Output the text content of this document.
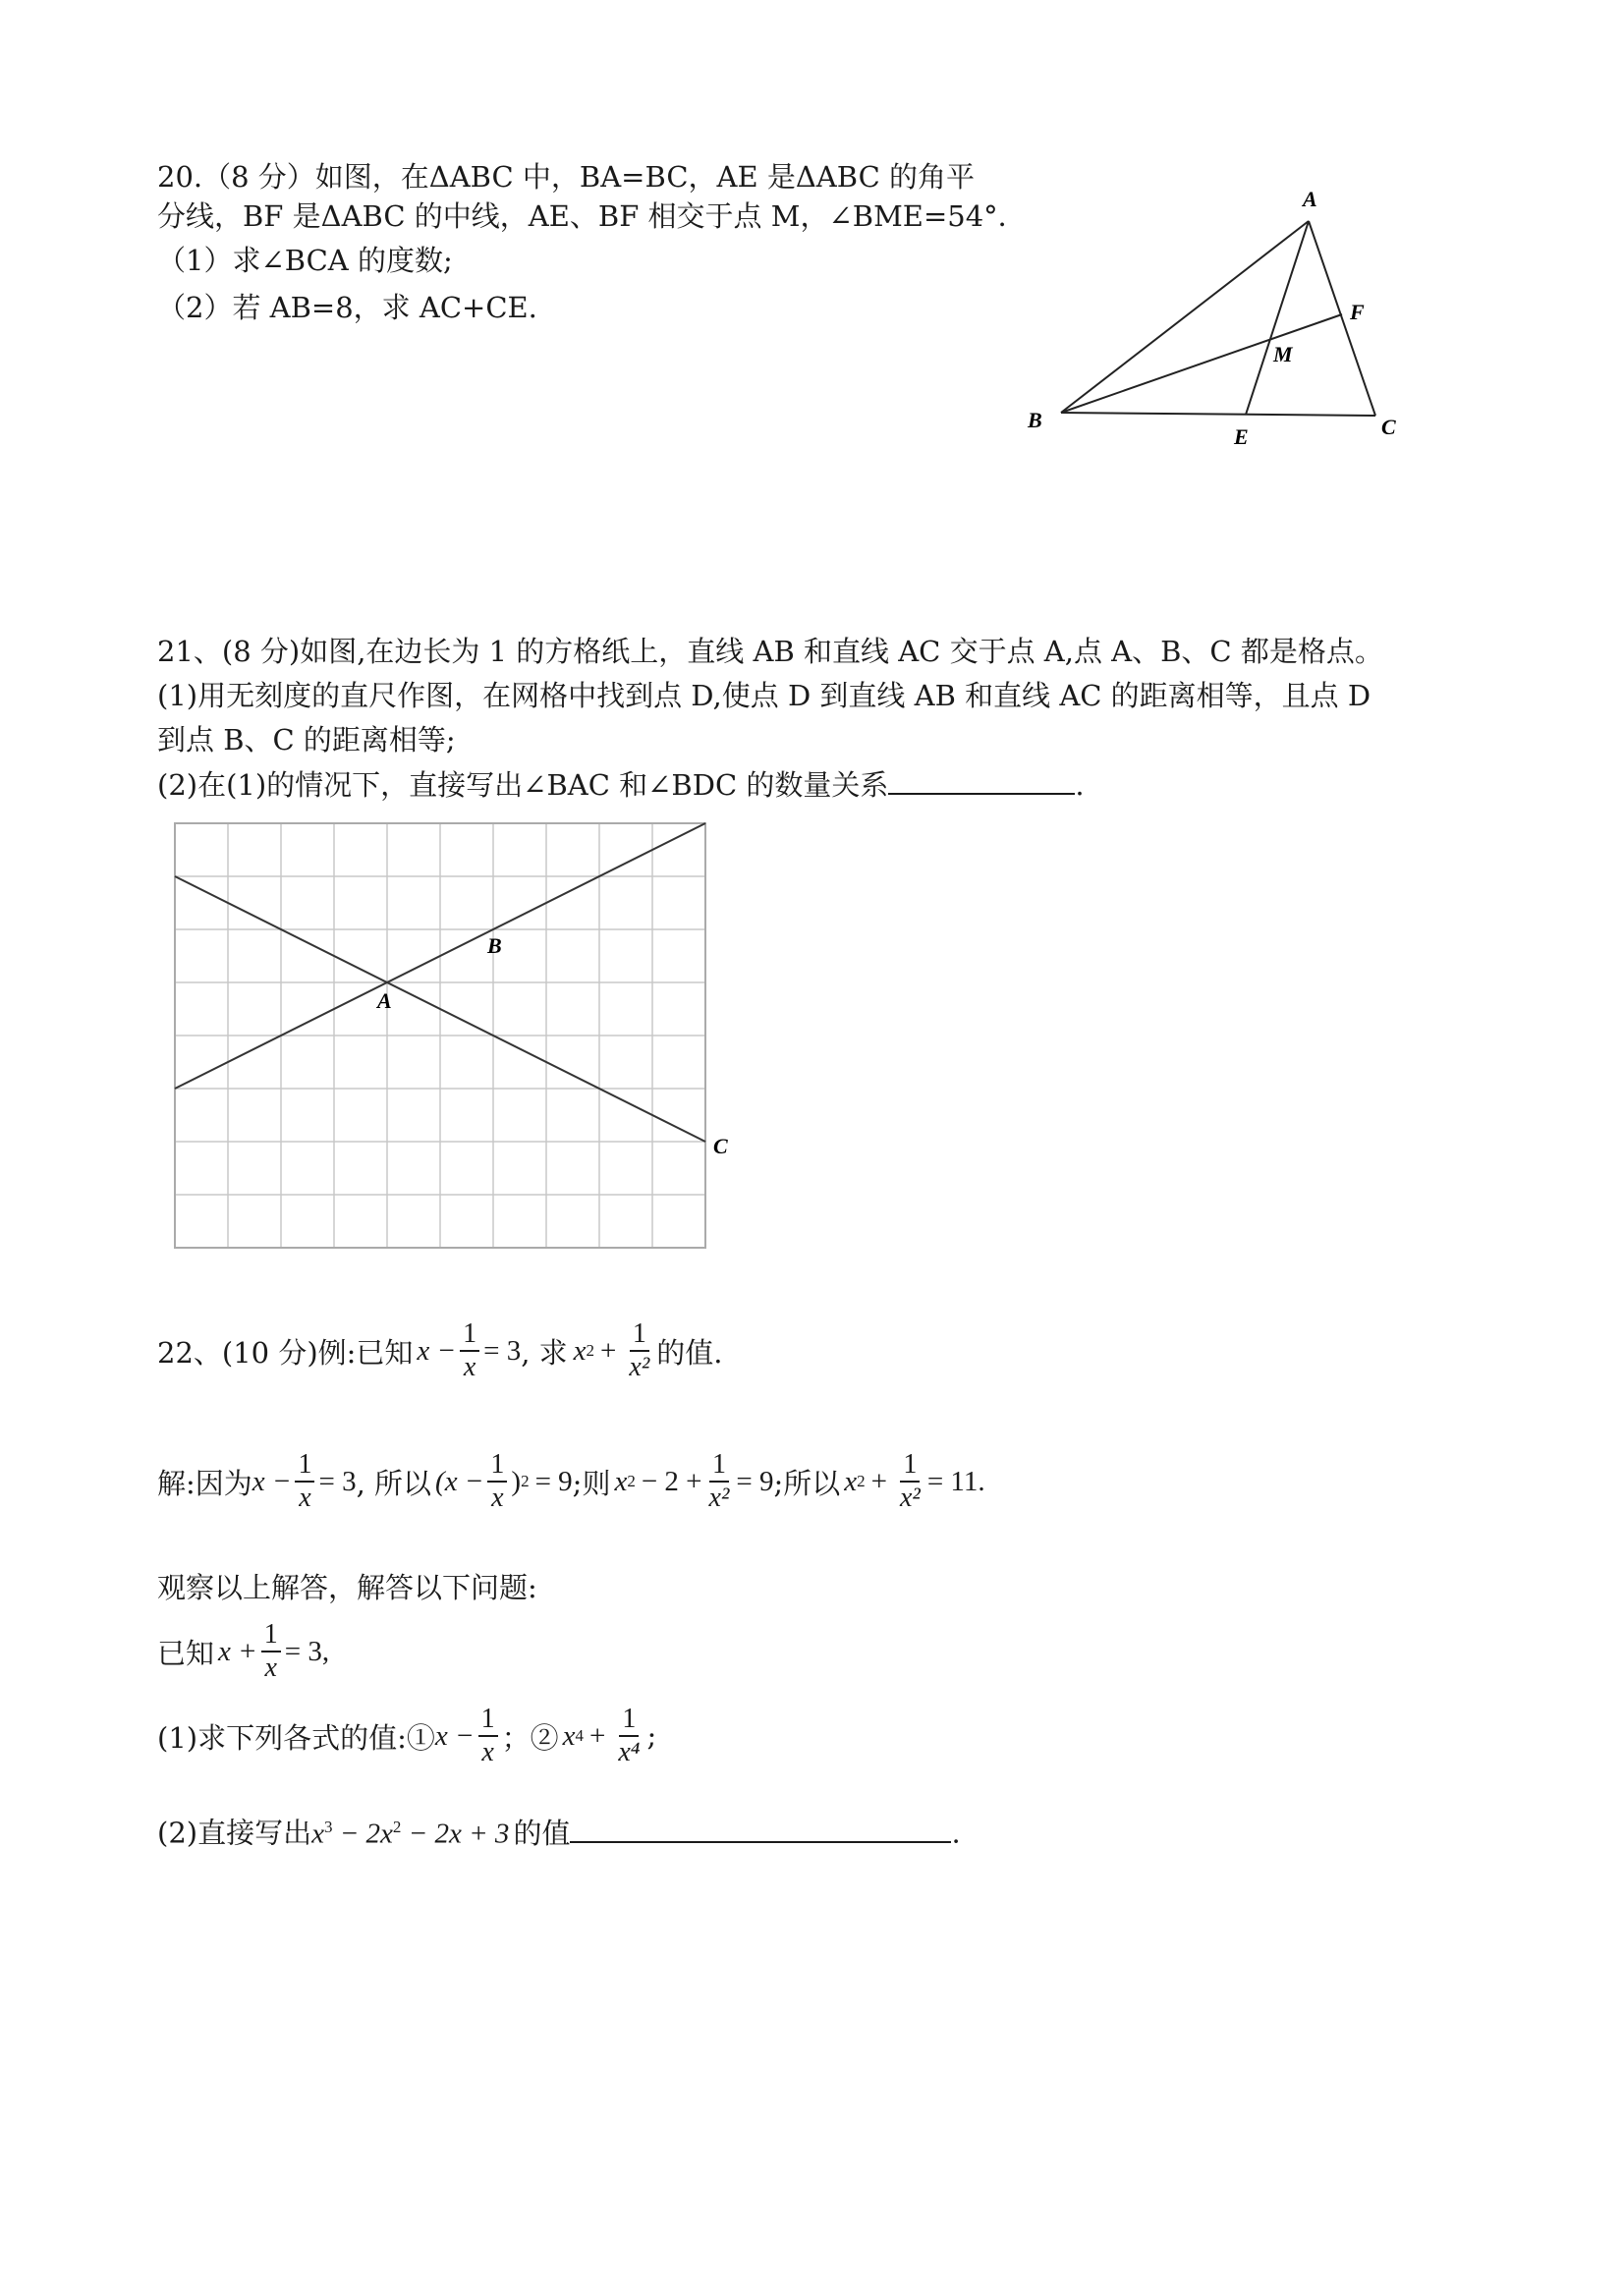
20.（8 分）如图，在ΔABC 中，BA=BC，AE 是ΔABC 的角平
分线，BF 是ΔABC 的中线，AE、BF 相交于点 M，∠BME=54°．
（1）求∠BCA 的度数;
（2）若 AB=8，求 AC+CE.
A
F
M
B
E	C
21、(8 分)如图,在边长为 1 的方格纸上，直线 AB 和直线 AC 交于点 A,点 A、B、C 都是格点。
(1)用无刻度的直尺作图，在网格中找到点 D,使点 D 到直线 AB 和直线 AC 的距离相等，且点 D
到点 B、C 的距离相等;
(2)在(1)的情况下，直接写出∠BAC 和∠BDC 的数量关系	.
A
B
C
22、(10 分)例:已知 $x - \frac{1}{x} = 3$ , 求 x $2 + \frac{1}{\text{x²}}$ 的值.
解:因为 $x - \frac{1}{x} = 3$ , 所以 ($x - \frac{1}{x}$ ) 2 = 9 ;则 x $2 - 2 + \frac{1}{\text{x²}} = 9$ ;所以 x $2 + \frac{1}{\text{x²}} = 11$.
观察以上解答，解答以下问题:
已知 $x + \frac{1}{x} = 3$,
(1)求下列各式的值:① $x - \frac{1}{x}$ ；② x $4 + \frac{1}{\text{x⁴}}$ ;
(2)直接写出$x^3 - 2x^2 - 2x + 3$ 的值	.
